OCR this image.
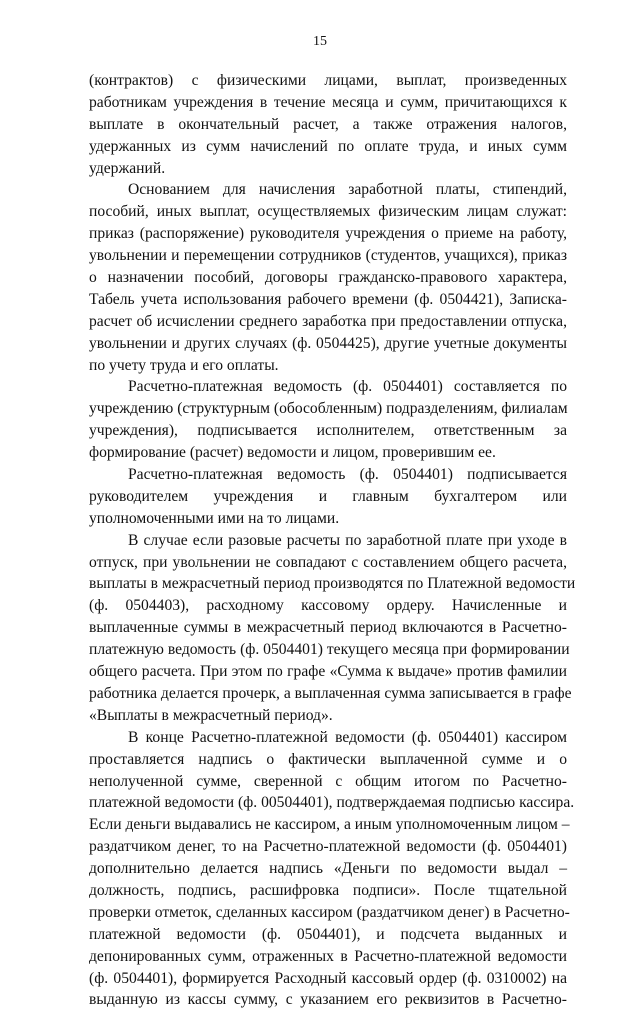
15
(контрактов) с физическими лицами, выплат, произведенных
работникам учреждения в течение месяца и сумм, причитающихся к
выплате в окончательный расчет, а также отражения налогов,
удержанных из сумм начислений по оплате труда, и иных сумм
удержаний.
Основанием для начисления заработной платы, стипендий,
пособий, иных выплат, осуществляемых физическим лицам служат:
приказ (распоряжение) руководителя учреждения о приеме на работу,
увольнении и перемещении сотрудников (студентов, учащихся), приказ
о назначении пособий, договоры гражданско-правового характера,
Табель учета использования рабочего времени (ф. 0504421), Записка-
расчет об исчислении среднего заработка при предоставлении отпуска,
увольнении и других случаях (ф. 0504425), другие учетные документы
по учету труда и его оплаты.
Расчетно-платежная ведомость (ф. 0504401) составляется по
учреждению (структурным (обособленным) подразделениям, филиалам
учреждения), подписывается исполнителем, ответственным за
формирование (расчет) ведомости и лицом, проверившим ее.
Расчетно-платежная ведомость (ф. 0504401) подписывается
руководителем учреждения и главным бухгалтером или
уполномоченными ими на то лицами.
В случае если разовые расчеты по заработной плате при уходе в
отпуск, при увольнении не совпадают с составлением общего расчета,
выплаты в межрасчетный период производятся по Платежной ведомости
(ф. 0504403), расходному кассовому ордеру. Начисленные и
выплаченные суммы в межрасчетный период включаются в Расчетно-
платежную ведомость (ф. 0504401) текущего месяца при формировании
общего расчета. При этом по графе «Сумма к выдаче» против фамилии
работника делается прочерк, а выплаченная сумма записывается в графе
«Выплаты в межрасчетный период».
В конце Расчетно-платежной ведомости (ф. 0504401) кассиром
проставляется надпись о фактически выплаченной сумме и о
неполученной сумме, сверенной с общим итогом по Расчетно-
платежной ведомости (ф. 00504401), подтверждаемая подписью кассира.
Если деньги выдавались не кассиром, а иным уполномоченным лицом –
раздатчиком денег, то на Расчетно-платежной ведомости (ф. 0504401)
дополнительно делается надпись «Деньги по ведомости выдал –
должность, подпись, расшифровка подписи». После тщательной
проверки отметок, сделанных кассиром (раздатчиком денег) в Расчетно-
платежной ведомости (ф. 0504401), и подсчета выданных и
депонированных сумм, отраженных в Расчетно-платежной ведомости
(ф. 0504401), формируется Расходный кассовый ордер (ф. 0310002) на
выданную из кассы сумму, с указанием его реквизитов в Расчетно-
